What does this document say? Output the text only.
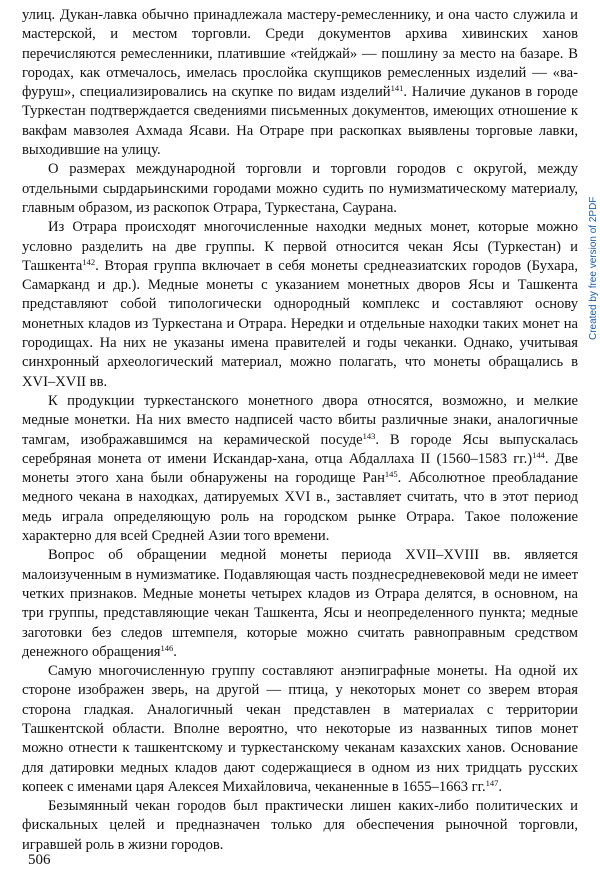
улиц. Дукан-лавка обычно принадлежала мастеру-ремесленнику, и она часто служила и мастерской, и местом торговли. Среди документов архива хивинских ханов перечисляются ремесленники, платившие «тейджай» — пошлину за место на базаре. В городах, как отмечалось, имелась прослойка скупщиков ремесленных изделий — «ва-фуруш», специализировались на скупке по видам изделий$^{141}$. Наличие дуканов в городе Туркестан подтверждается сведениями письменных документов, имеющих отношение к вакфам мавзолея Ахмада Ясави. На Отраре при раскопках выявлены торговые лавки, выходившие на улицу.

О размерах международной торговли и торговли городов с округой, между отдельными сырдарьинскими городами можно судить по нумизматическому материалу, главным образом, из раскопок Отрара, Туркестана, Саурана.

Из Отрара происходят многочисленные находки медных монет, которые можно условно разделить на две группы. К первой относится чекан Ясы (Туркестан) и Ташкента$^{142}$. Вторая группа включает в себя монеты среднеазиатских городов (Бухара, Самарканд и др.). Медные монеты с указанием монетных дворов Ясы и Ташкента представляют собой типологически однородный комплекс и составляют основу монетных кладов из Туркестана и Отрара. Нередки и отдельные находки таких монет на городищах. На них не указаны имена правителей и годы чеканки. Однако, учитывая синхронный археологический материал, можно полагать, что монеты обращались в XVI–XVII вв.

К продукции туркестанского монетного двора относятся, возможно, и мелкие медные монетки. На них вместо надписей часто вбиты различные знаки, аналогичные тамгам, изображавшимся на керамической посуде$^{143}$. В городе Ясы выпускалась серебряная монета от имени Искандар-хана, отца Абдаллаха II (1560–1583 гг.)$^{144}$. Две монеты этого хана были обнаружены на городище Ран$^{145}$. Абсолютное преобладание медного чекана в находках, датируемых XVI в., заставляет считать, что в этот период медь играла определяющую роль на городском рынке Отрара. Такое положение характерно для всей Средней Азии того времени.

Вопрос об обращении медной монеты периода XVII–XVIII вв. является малоизученным в нумизматике. Подавляющая часть позднесредневековой меди не имеет четких признаков. Медные монеты четырех кладов из Отрара делятся, в основном, на три группы, представляющие чекан Ташкента, Ясы и неопределенного пункта; медные заготовки без следов штемпеля, которые можно считать равноправным средством денежного обращения$^{146}$.

Самую многочисленную группу составляют анэпиграфные монеты. На одной их стороне изображен зверь, на другой — птица, у некоторых монет со зверем вторая сторона гладкая. Аналогичный чекан представлен в материалах с территории Ташкентской области. Вполне вероятно, что некоторые из названных типов монет можно отнести к ташкентскому и туркестанскому чеканам казахских ханов. Основание для датировки медных кладов дают содержащиеся в одном из них тридцать русских копеек с именами царя Алексея Михайловича, чеканенные в 1655–1663 гг.$^{147}$.

Безымянный чекан городов был практически лишен каких-либо политических и фискальных целей и предназначен только для обеспечения рыночной торговли, игравшей роль в жизни городов.

506
Created by free version of 2PDF
